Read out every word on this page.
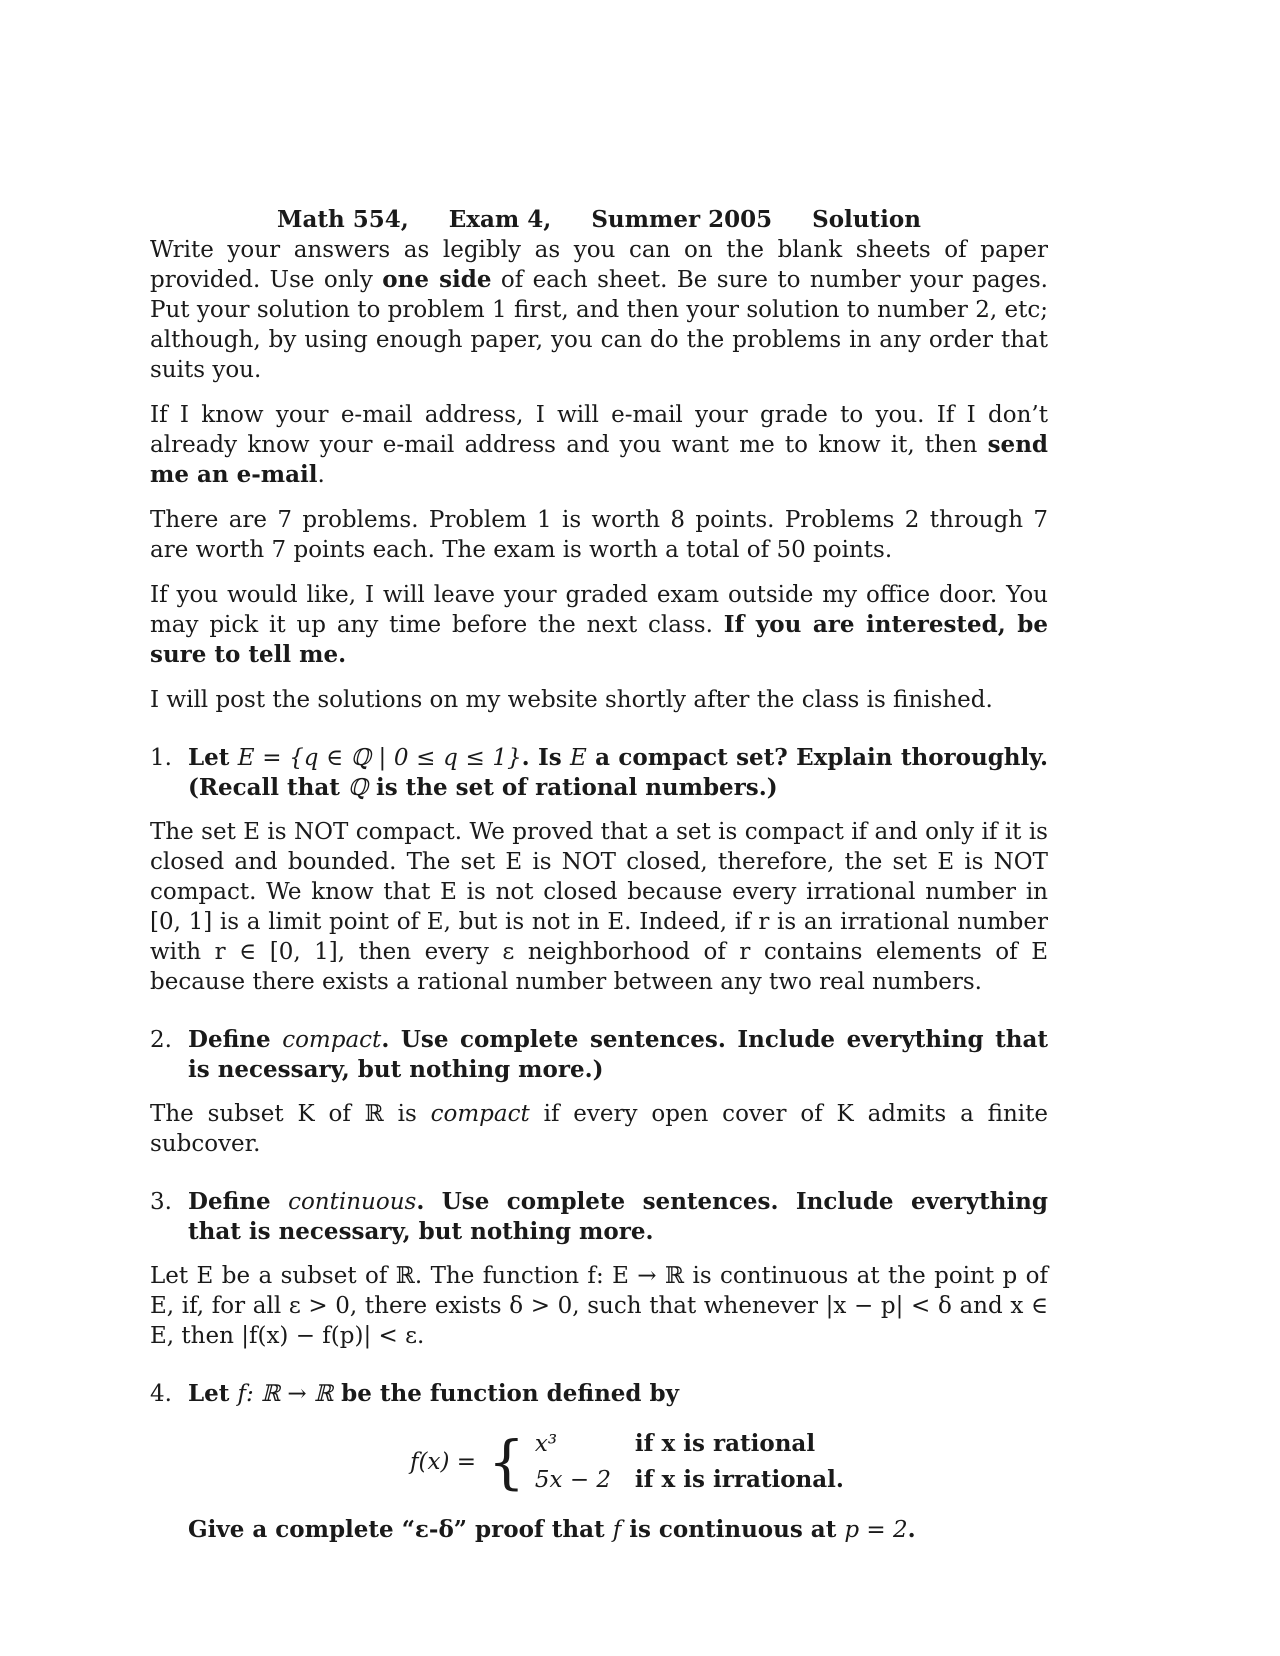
Math 554, Exam 4, Summer 2005 Solution

Write your answers as legibly as you can on the blank sheets of paper provided. Use only one side of each sheet. Be sure to number your pages. Put your solution to problem 1 first, and then your solution to number 2, etc; although, by using enough paper, you can do the problems in any order that suits you.

If I know your e-mail address, I will e-mail your grade to you. If I don’t already know your e-mail address and you want me to know it, then send me an e-mail.

There are 7 problems. Problem 1 is worth 8 points. Problems 2 through 7 are worth 7 points each. The exam is worth a total of 50 points.

If you would like, I will leave your graded exam outside my office door. You may pick it up any time before the next class. If you are interested, be sure to tell me.

I will post the solutions on my website shortly after the class is finished.

1. Let E = {q ∈ ℚ | 0 ≤ q ≤ 1}. Is E a compact set? Explain thoroughly. (Recall that ℚ is the set of rational numbers.)

The set E is NOT compact. We proved that a set is compact if and only if it is closed and bounded. The set E is NOT closed, therefore, the set E is NOT compact. We know that E is not closed because every irrational number in [0, 1] is a limit point of E, but is not in E. Indeed, if r is an irrational number with r ∈ [0, 1], then every ε neighborhood of r contains elements of E because there exists a rational number between any two real numbers.

2. Define compact. Use complete sentences. Include everything that is necessary, but nothing more.)

The subset K of ℝ is compact if every open cover of K admits a finite subcover.

3. Define continuous. Use complete sentences. Include everything that is necessary, but nothing more.

Let E be a subset of ℝ. The function f: E → ℝ is continuous at the point p of E, if, for all ε > 0, there exists δ > 0, such that whenever |x − p| < δ and x ∈ E, then |f(x) − f(p)| < ε.

4. Let f: ℝ → ℝ be the function defined by
f(x) = { x³	if x is rational
5x − 2	if x is irrational.
Give a complete “ε-δ” proof that f is continuous at p = 2.
